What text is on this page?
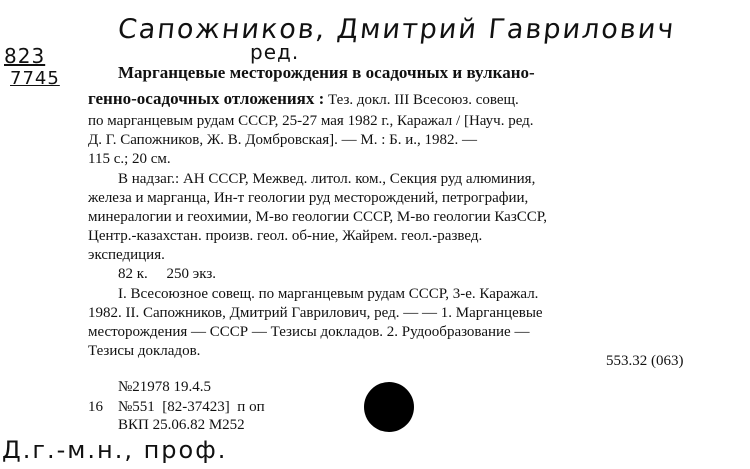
Сапожников, Дмитрий Гаврилович
ред.
823
7745	Марганцевые месторождения в осадочных и вулкано-
генно-осадочных отложениях : Тез. докл. III Всесоюз. совещ.
по марганцевым рудам СССР, 25-27 мая 1982 г., Каражал / [Науч. ред.
Д. Г. Сапожников, Ж. В. Домбровская]. — М. : Б. и., 1982. —
115 с.; 20 см.
В надзаг.: АН СССР, Межвед. литол. ком., Секция руд алюминия,
железа и марганца, Ин-т геологии руд месторождений, петрографии,
минералогии и геохимии, М-во геологии СССР, М-во геологии КазССР,
Центр.-казахстан. произв. геол. об-ние, Жайрем. геол.-развед.
экспедиция.
82 к.     250 экз.
I. Всесоюзное совещ. по марганцевым рудам СССР, 3-е. Каражал.
1982. II. Сапожников, Дмитрий Гаврилович, ред. — — 1. Марганцевые
месторождения — СССР — Тезисы докладов. 2. Рудообразование —
Тезисы докладов.
553.32 (063)
№21978 19.4.5
16 №551  [82-37423]  п оп
ВКП 25.06.82 М252
Д.г.-м.н., проф.
